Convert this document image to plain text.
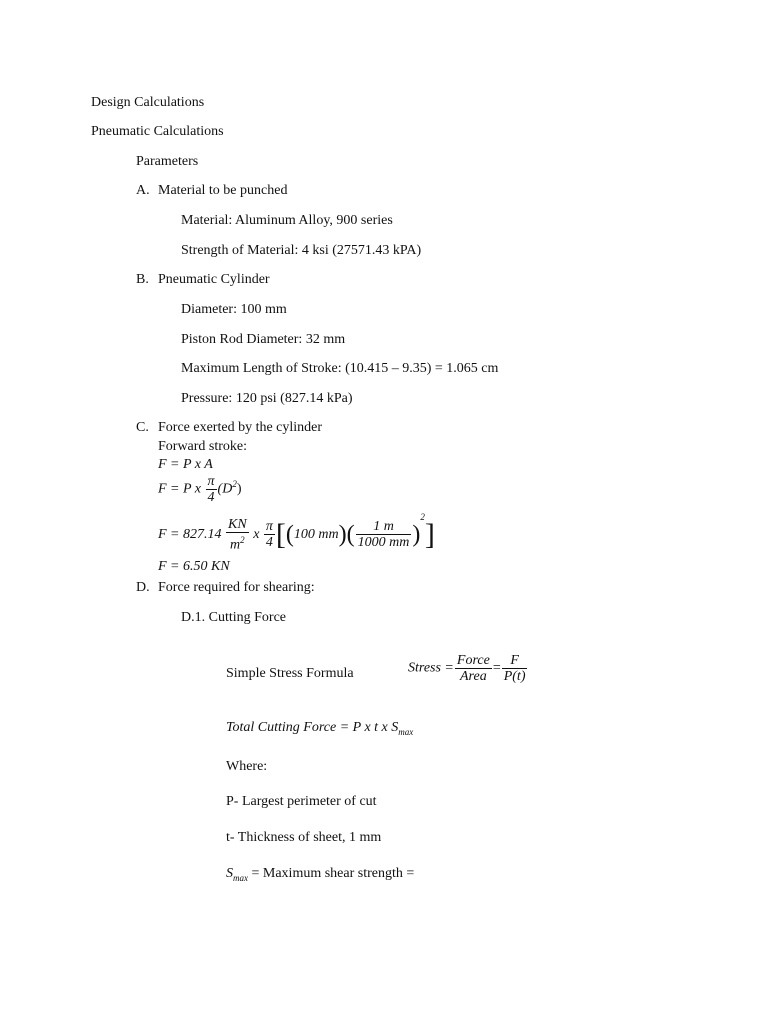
Design Calculations
Pneumatic Calculations
Parameters
A. Material to be punched
Material: Aluminum Alloy, 900 series
Strength of Material: 4 ksi (27571.43 kPA)
B. Pneumatic Cylinder
Diameter: 100 mm
Piston Rod Diameter: 32 mm
Maximum Length of Stroke: (10.415 – 9.35) = 1.065 cm
Pressure: 120 psi (827.14 kPa)
C. Force exerted by the cylinder
Forward stroke:
F = P x A
F = P x $\frac{\pi}{4} (D^2)$
$F = 827.14 \frac{KN}{m^2}$ x $\frac{\pi}{4} [(100$ $mm)( \frac{1 m}{1000 mm} )^2$]
F = 6.50 KN
D. Force required for shearing:
D.1. Cutting Force
Simple Stress Formula	Stress = $\frac{\text{Force}}{\text{Area}} = \frac{F}{P(t)}$
Total Cutting Force = P x t x $S_{max}$
Where:
P- Largest perimeter of cut
t- Thickness of sheet, 1 mm
$S_{max}$ = Maximum shear strength =
